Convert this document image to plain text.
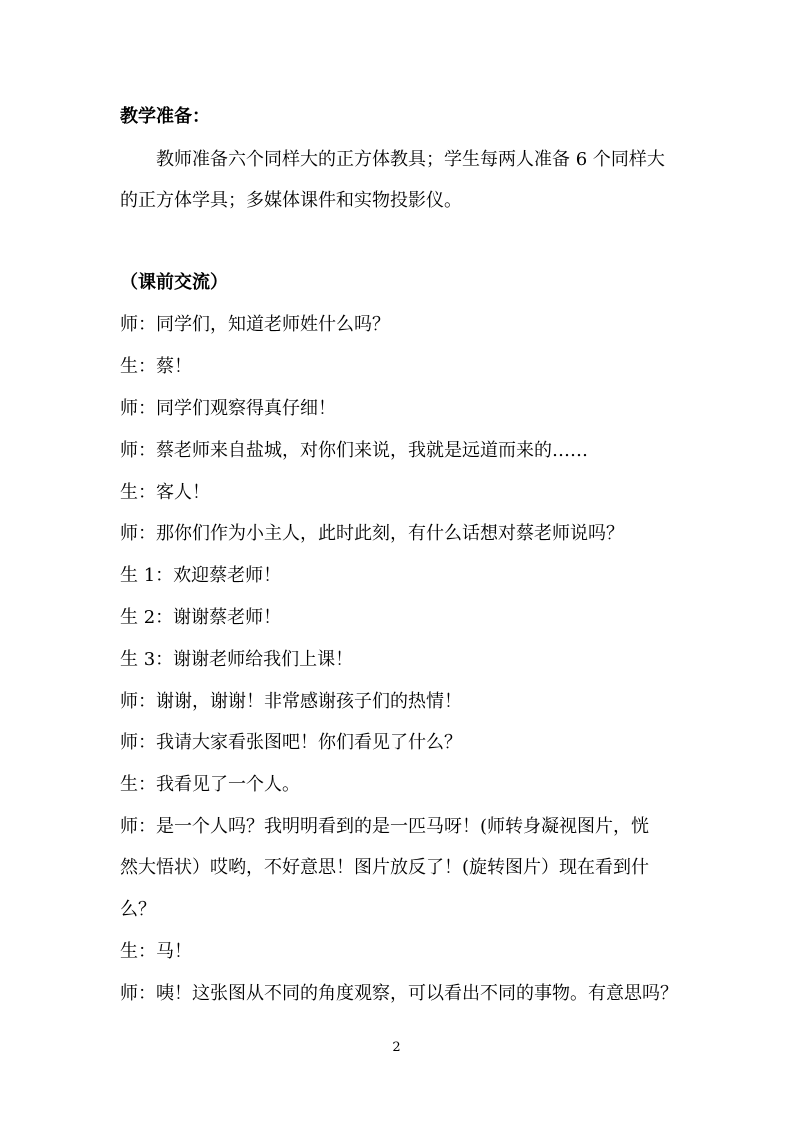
教学准备：
教师准备六个同样大的正方体教具；学生每两人准备 6 个同样大
的正方体学具；多媒体课件和实物投影仪。
（课前交流）
师：同学们，知道老师姓什么吗？
生：蔡！
师：同学们观察得真仔细！
师：蔡老师来自盐城，对你们来说，我就是远道而来的……
生：客人！
师：那你们作为小主人，此时此刻，有什么话想对蔡老师说吗？
生 1：欢迎蔡老师！
生 2：谢谢蔡老师！
生 3：谢谢老师给我们上课！
师：谢谢，谢谢！非常感谢孩子们的热情！
师：我请大家看张图吧！你们看见了什么？
生：我看见了一个人。
师：是一个人吗？我明明看到的是一匹马呀！(师转身凝视图片，恍
然大悟状）哎哟，不好意思！图片放反了！(旋转图片）现在看到什
么？
生：马！
师：咦！这张图从不同的角度观察，可以看出不同的事物。有意思吗？
2
